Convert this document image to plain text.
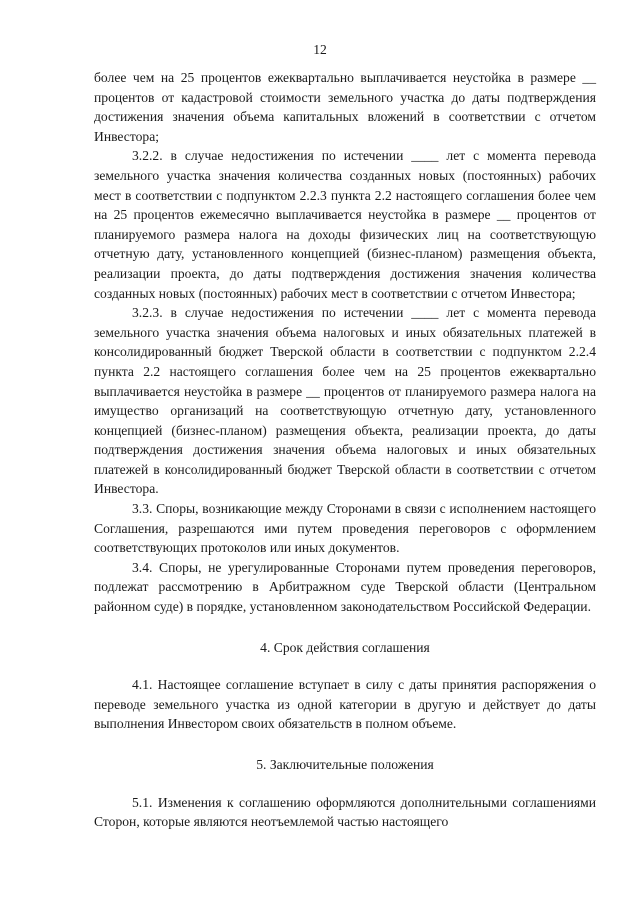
12

более чем на 25 процентов ежеквартально выплачивается неустойка в размере __ процентов от кадастровой стоимости земельного участка до даты подтверждения достижения значения объема капитальных вложений в соответствии с отчетом Инвестора;

3.2.2. в случае недостижения по истечении ____ лет с момента перевода земельного участка значения количества созданных новых (постоянных) рабочих мест в соответствии с подпунктом 2.2.3 пункта 2.2 настоящего соглашения более чем на 25 процентов ежемесячно выплачивается неустойка в размере __ процентов от планируемого размера налога на доходы физических лиц на соответствующую отчетную дату, установленного концепцией (бизнес-планом) размещения объекта, реализации проекта, до даты подтверждения достижения значения количества созданных новых (постоянных) рабочих мест в соответствии с отчетом Инвестора;

3.2.3. в случае недостижения по истечении ____ лет с момента перевода земельного участка значения объема налоговых и иных обязательных платежей в консолидированный бюджет Тверской области в соответствии с подпунктом 2.2.4 пункта 2.2 настоящего соглашения более чем на 25 процентов ежеквартально выплачивается неустойка в размере __ процентов от планируемого размера налога на имущество организаций на соответствующую отчетную дату, установленного концепцией (бизнес-планом) размещения объекта, реализации проекта, до даты подтверждения достижения значения объема налоговых и иных обязательных платежей в консолидированный бюджет Тверской области в соответствии с отчетом Инвестора.

3.3. Споры, возникающие между Сторонами в связи с исполнением настоящего Соглашения, разрешаются ими путем проведения переговоров с оформлением соответствующих протоколов или иных документов.

3.4. Споры, не урегулированные Сторонами путем проведения переговоров, подлежат рассмотрению в Арбитражном суде Тверской области (Центральном районном суде) в порядке, установленном законодательством Российской Федерации.

4. Срок действия соглашения

4.1. Настоящее соглашение вступает в силу с даты принятия распоряжения о переводе земельного участка из одной категории в другую и действует до даты выполнения Инвестором своих обязательств в полном объеме.

5. Заключительные положения

5.1. Изменения к соглашению оформляются дополнительными соглашениями Сторон, которые являются неотъемлемой частью настоящего
